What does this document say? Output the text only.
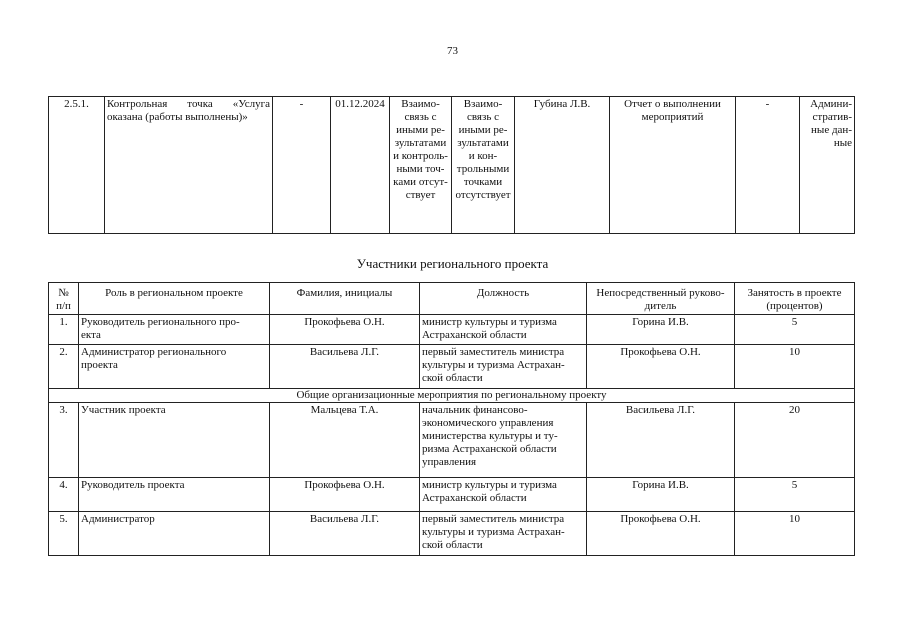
73
2.5.1.	Контрольная точка «Услуга оказана (работы выполнены)»	-	01.12.2024	Взаимо-
связь с
иными ре-
зультатами
и контроль-
ными точ-
ками отсут-
ствует	Взаимо-
связь с
иными ре-
зультатами
и кон-
трольными
точками
отсутствует	Губина Л.В.	Отчет о выполнении мероприятий	-	Админи-
стратив-
ные дан-
ные
Участники регионального проекта
№
п/п	Роль в региональном проекте	Фамилия, инициалы	Должность	Непосредственный руково-
дитель	Занятость в проекте
(процентов)
1.	Руководитель регионального про-
екта	Прокофьева О.Н.	министр культуры и туризма
Астраханской области	Горина И.В.	5
2.	Администратор регионального
проекта	Васильева Л.Г.	первый заместитель министра
культуры и туризма Астрахан-
ской области	Прокофьева О.Н.	10
Общие организационные мероприятия по региональному проекту					
3.	Участник проекта	Мальцева Т.А.	начальник финансово-
экономического управления
министерства культуры и ту-
ризма Астраханской области
управления	Васильева Л.Г.	20
4.	Руководитель проекта	Прокофьева О.Н.	министр культуры и туризма
Астраханской области	Горина И.В.	5
5.	Администратор	Васильева Л.Г.	первый заместитель министра
культуры и туризма Астрахан-
ской области	Прокофьева О.Н.	10
